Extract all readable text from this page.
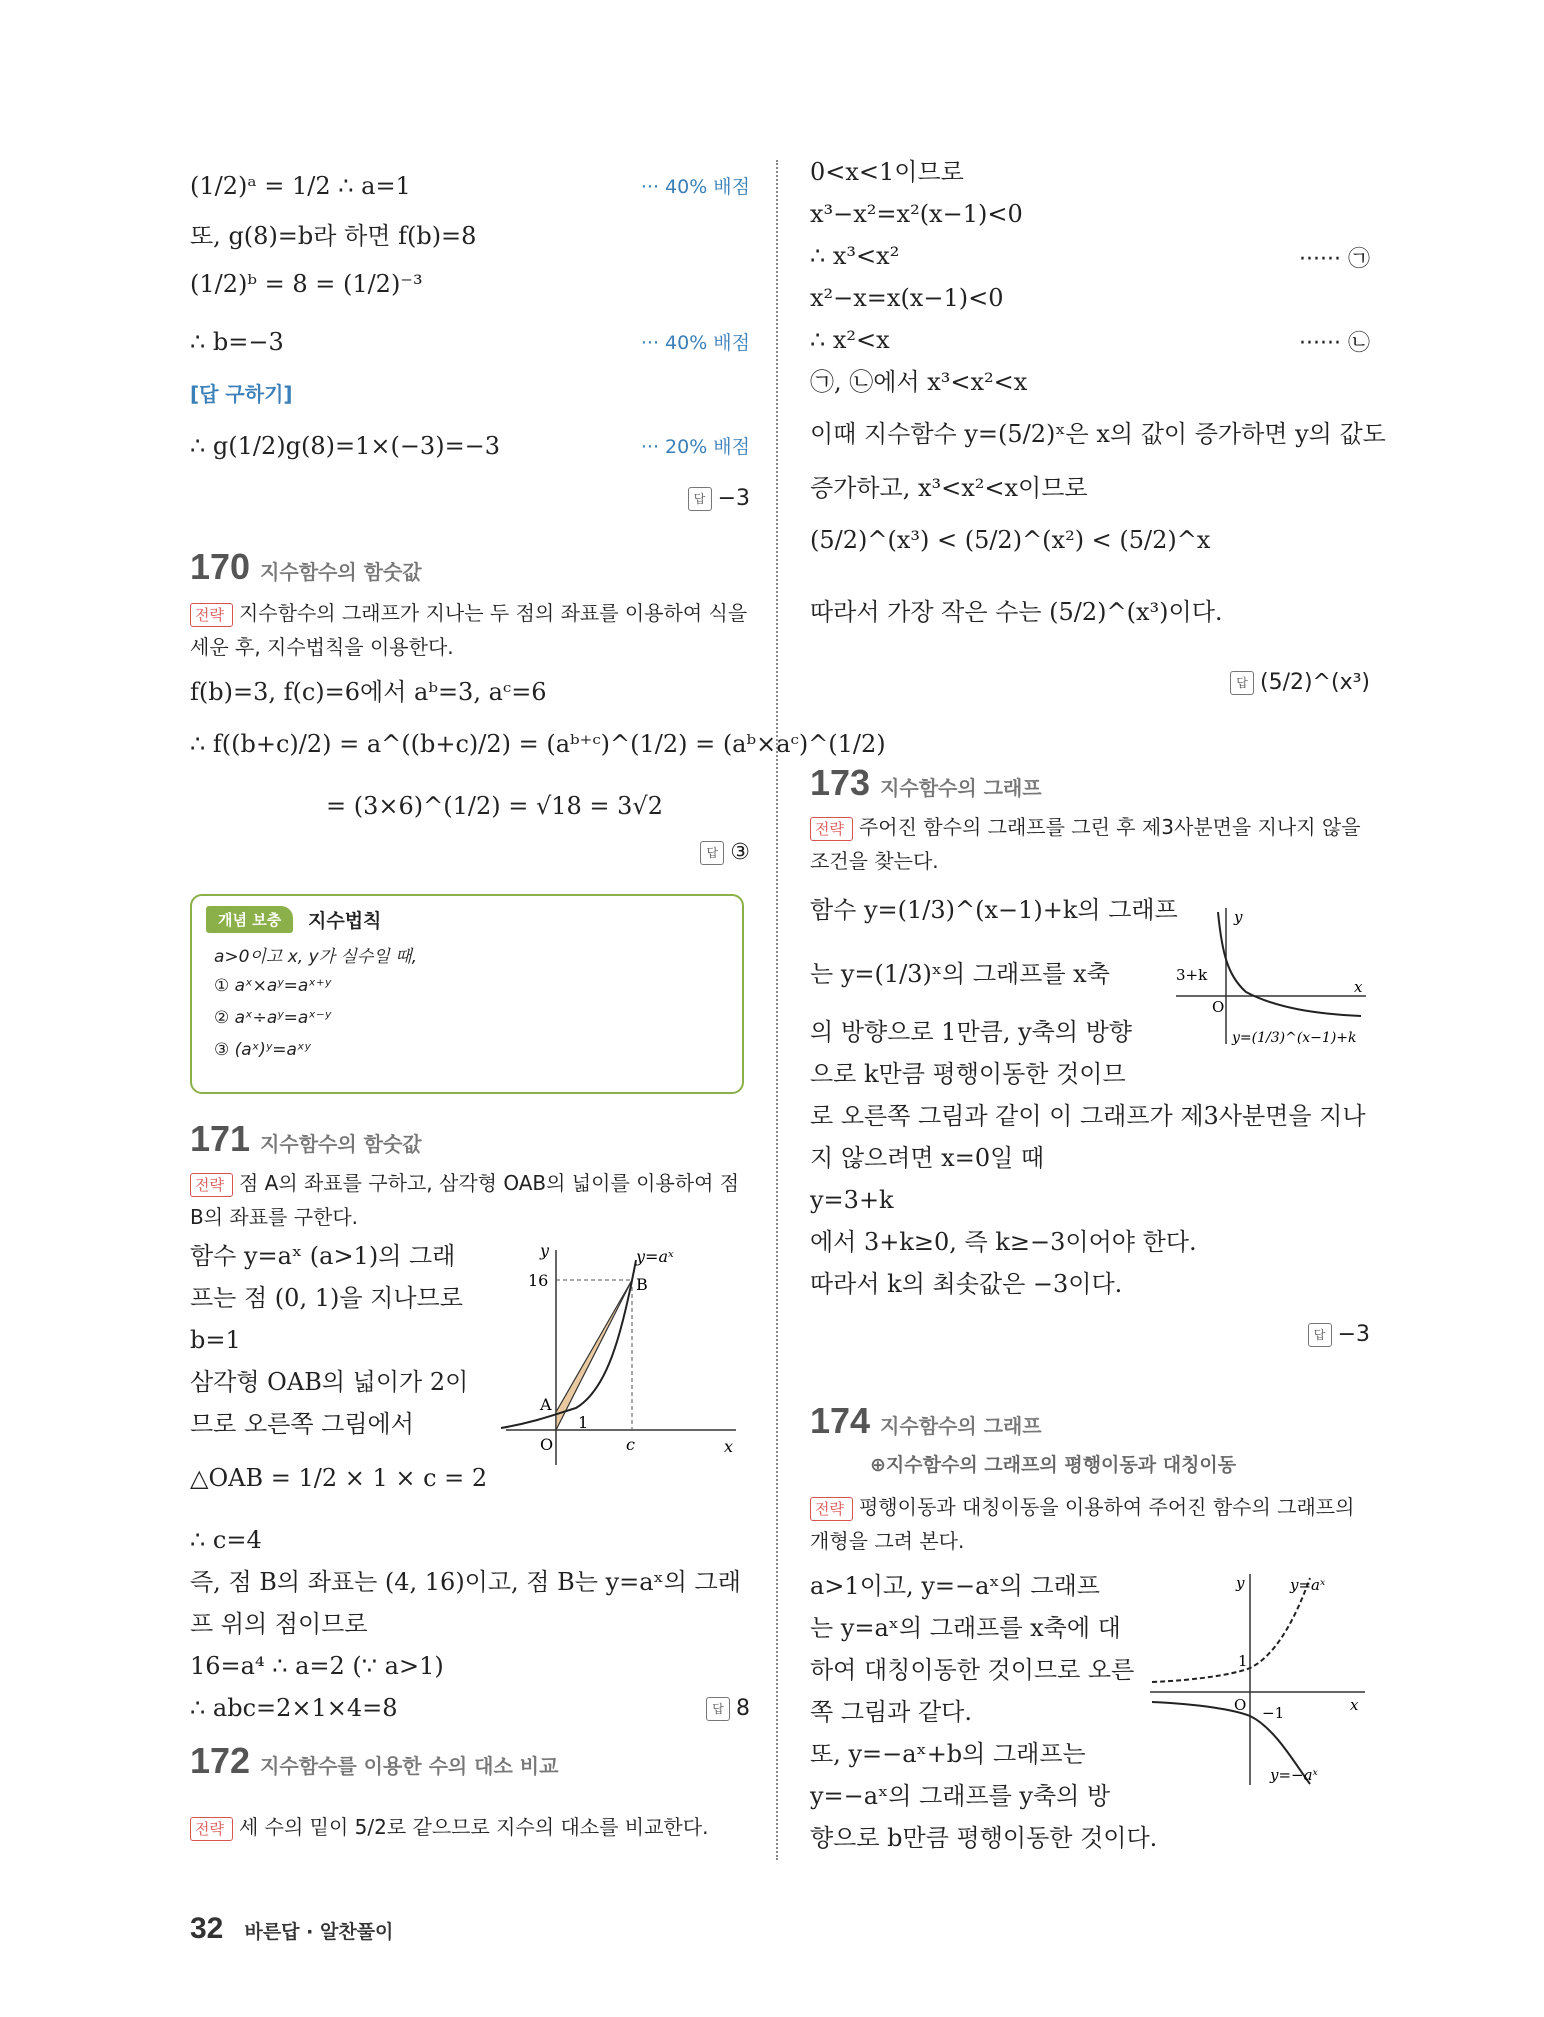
(1/2)ᵃ = 1/2 ∴ a=1	··· 40% 배점
또, g(8)=b라 하면 f(b)=8
(1/2)ᵇ = 8 = (1/2)⁻³
∴ b=−3	··· 40% 배점
[답 구하기]
∴ g(1/2)g(8)=1×(−3)=−3	··· 20% 배점
답 −3
170 지수함수의 함숫값
전략 지수함수의 그래프가 지나는 두 점의 좌표를 이용하여 식을 세운 후, 지수법칙을 이용한다.
f(b)=3, f(c)=6에서 aᵇ=3, aᶜ=6
∴ f((b+c)/2) = a^((b+c)/2) = (aᵇ⁺ᶜ)^(1/2) = (aᵇ×aᶜ)^(1/2)
= (3×6)^(1/2) = √18 = 3√2
답 ③
개념 보충	지수법칙
a>0이고 x, y가 실수일 때,
① aˣ×aʸ=aˣ⁺ʸ
② aˣ÷aʸ=aˣ⁻ʸ
③ (aˣ)ʸ=aˣʸ
171 지수함수의 함숫값
전략 점 A의 좌표를 구하고, 삼각형 OAB의 넓이를 이용하여 점 B의 좌표를 구한다.
함수 y=aˣ (a>1)의 그래
프는 점 (0, 1)을 지나므로
b=1
삼각형 OAB의 넓이가 2이
므로 오른쪽 그림에서
△OAB = 1/2 × 1 × c = 2
∴ c=4
즉, 점 B의 좌표는 (4, 16)이고, 점 B는 y=aˣ의 그래
프 위의 점이므로
16=a⁴ ∴ a=2 (∵ a>1)
∴ abc=2×1×4=8	답 8
y
x
y=aˣ
B
A
O
16
1
c
172 지수함수를 이용한 수의 대소 비교
전략 세 수의 밑이 5/2로 같으므로 지수의 대소를 비교한다.
0<x<1이므로
x³−x²=x²(x−1)<0
∴ x³<x²	······ ㉠
x²−x=x(x−1)<0
∴ x²<x	······ ㉡
㉠, ㉡에서 x³<x²<x
이때 지수함수 y=(5/2)ˣ은 x의 값이 증가하면 y의 값도
증가하고, x³<x²<x이므로
(5/2)^(x³) < (5/2)^(x²) < (5/2)^x
따라서 가장 작은 수는 (5/2)^(x³)이다.
답 (5/2)^(x³)
173 지수함수의 그래프
전략 주어진 함수의 그래프를 그린 후 제3사분면을 지나지 않을 조건을 찾는다.
함수 y=(1/3)^(x−1)+k의 그래프
는 y=(1/3)ˣ의 그래프를 x축
의 방향으로 1만큼, y축의 방향
으로 k만큼 평행이동한 것이므
로 오른쪽 그림과 같이 이 그래프가 제3사분면을 지나
지 않으려면 x=0일 때
y=3+k
에서 3+k≥0, 즉 k≥−3이어야 한다.
따라서 k의 최솟값은 −3이다.
답 −3
y
x
3+k
O
y=(1/3)^(x−1)+k
174 지수함수의 그래프
⊕지수함수의 그래프의 평행이동과 대칭이동
전략 평행이동과 대칭이동을 이용하여 주어진 함수의 그래프의 개형을 그려 본다.
a>1이고, y=−aˣ의 그래프
는 y=aˣ의 그래프를 x축에 대
하여 대칭이동한 것이므로 오른
쪽 그림과 같다.
또, y=−aˣ+b의 그래프는
y=−aˣ의 그래프를 y축의 방
향으로 b만큼 평행이동한 것이다.
y
x
y=aˣ
y=−aˣ
1
−1
O
32 바른답 · 알찬풀이
